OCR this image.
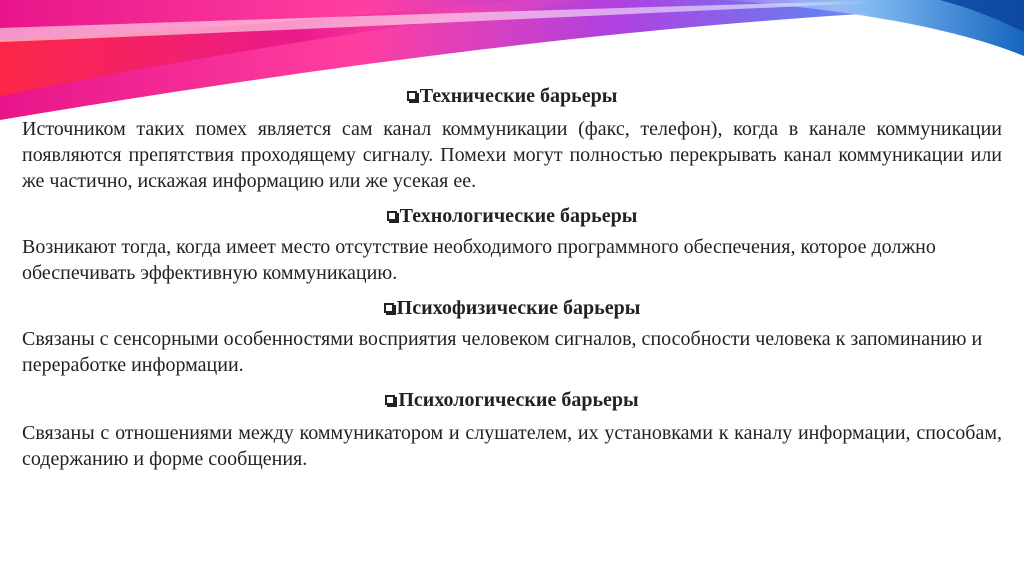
Технические барьеры

Источником таких помех является сам канал коммуникации (факс, телефон), когда в канале коммуникации появляются препятствия проходящему сигналу. Помехи могут полностью перекрывать канал коммуникации или же частично, искажая информацию или же усекая ее.

Технологические барьеры

Возникают тогда, когда имеет место отсутствие необходимого программного обеспечения, которое должно обеспечивать эффективную коммуникацию.

Психофизические барьеры

Связаны с сенсорными особенностями восприятия человеком сигналов, способности человека к запоминанию и переработке информации.

Психологические барьеры

Связаны с отношениями между коммуникатором и слушателем, их установками к каналу информации, способам, содержанию и форме сообщения.
